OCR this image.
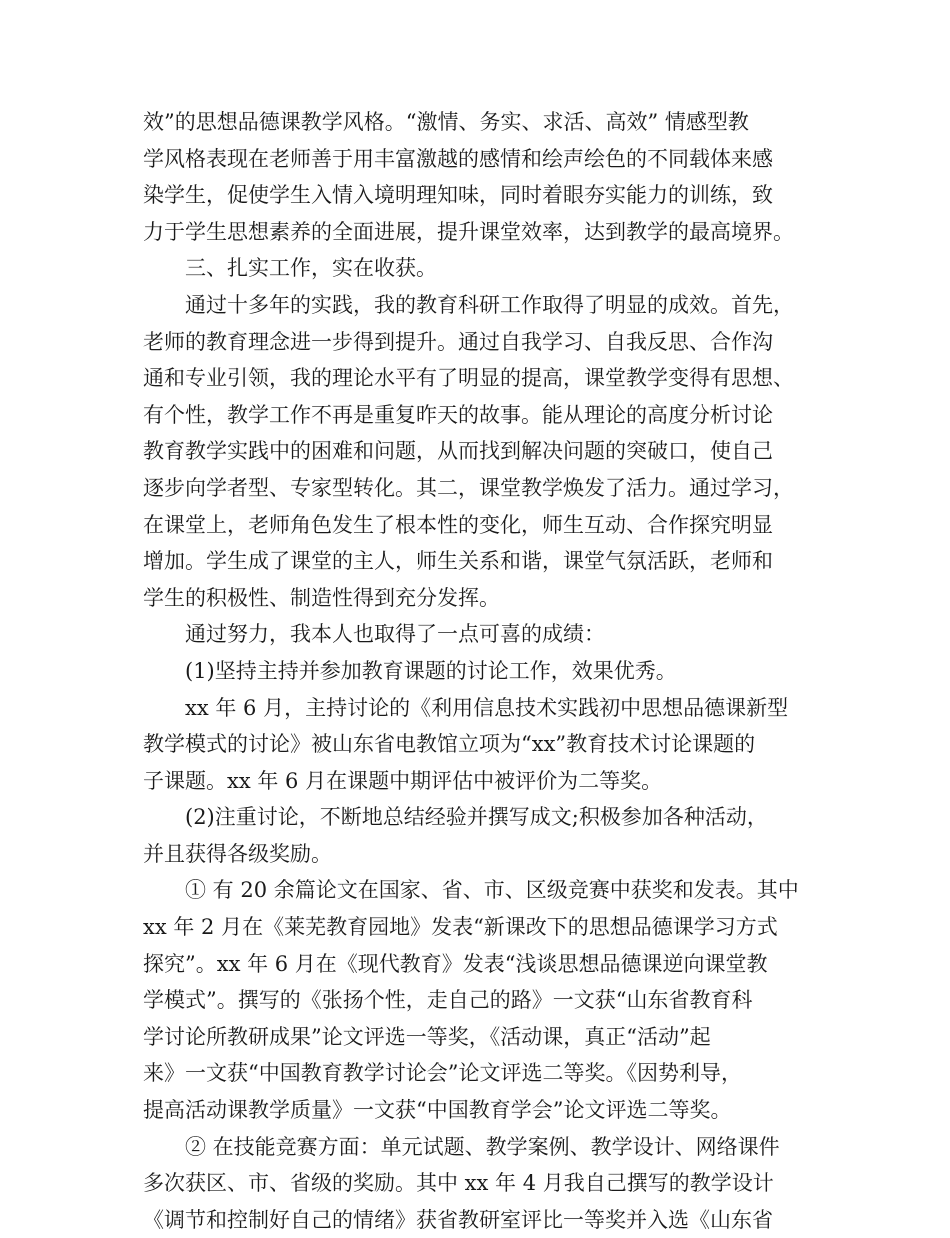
效”的思想品德课教学风格。“激情、务实、求活、高效” 情感型教
学风格表现在老师善于用丰富激越的感情和绘声绘色的不同载体来感
染学生，促使学生入情入境明理知味，同时着眼夯实能力的训练，致
力于学生思想素养的全面进展，提升课堂效率，达到教学的最高境界。
三、扎实工作，实在收获。
通过十多年的实践，我的教育科研工作取得了明显的成效。首先，
老师的教育理念进一步得到提升。通过自我学习、自我反思、合作沟
通和专业引领，我的理论水平有了明显的提高，课堂教学变得有思想、
有个性，教学工作不再是重复昨天的故事。能从理论的高度分析讨论
教育教学实践中的困难和问题，从而找到解决问题的突破口，使自己
逐步向学者型、专家型转化。其二，课堂教学焕发了活力。通过学习，
在课堂上，老师角色发生了根本性的变化，师生互动、合作探究明显
增加。学生成了课堂的主人，师生关系和谐，课堂气氛活跃，老师和
学生的积极性、制造性得到充分发挥。
通过努力，我本人也取得了一点可喜的成绩：
(1)坚持主持并参加教育课题的讨论工作，效果优秀。
xx 年 6 月，主持讨论的《利用信息技术实践初中思想品德课新型
教学模式的讨论》被山东省电教馆立项为“xx”教育技术讨论课题的
子课题。xx 年 6 月在课题中期评估中被评价为二等奖。
(2)注重讨论，不断地总结经验并撰写成文;积极参加各种活动，
并且获得各级奖励。
① 有 20 余篇论文在国家、省、市、区级竞赛中获奖和发表。其中
xx 年 2 月在《莱芜教育园地》发表“新课改下的思想品德课学习方式
探究”。xx 年 6 月在《现代教育》发表“浅谈思想品德课逆向课堂教
学模式”。撰写的《张扬个性，走自己的路》一文获“山东省教育科
学讨论所教研成果”论文评选一等奖，《活动课，真正“活动”起
来》一文获“中国教育教学讨论会”论文评选二等奖。《因势利导，
提高活动课教学质量》一文获“中国教育学会”论文评选二等奖。
② 在技能竞赛方面：单元试题、教学案例、教学设计、网络课件
多次获区、市、省级的奖励。其中 xx 年 4 月我自己撰写的教学设计
《调节和控制好自己的情绪》获省教研室评比一等奖并入选《山东省
